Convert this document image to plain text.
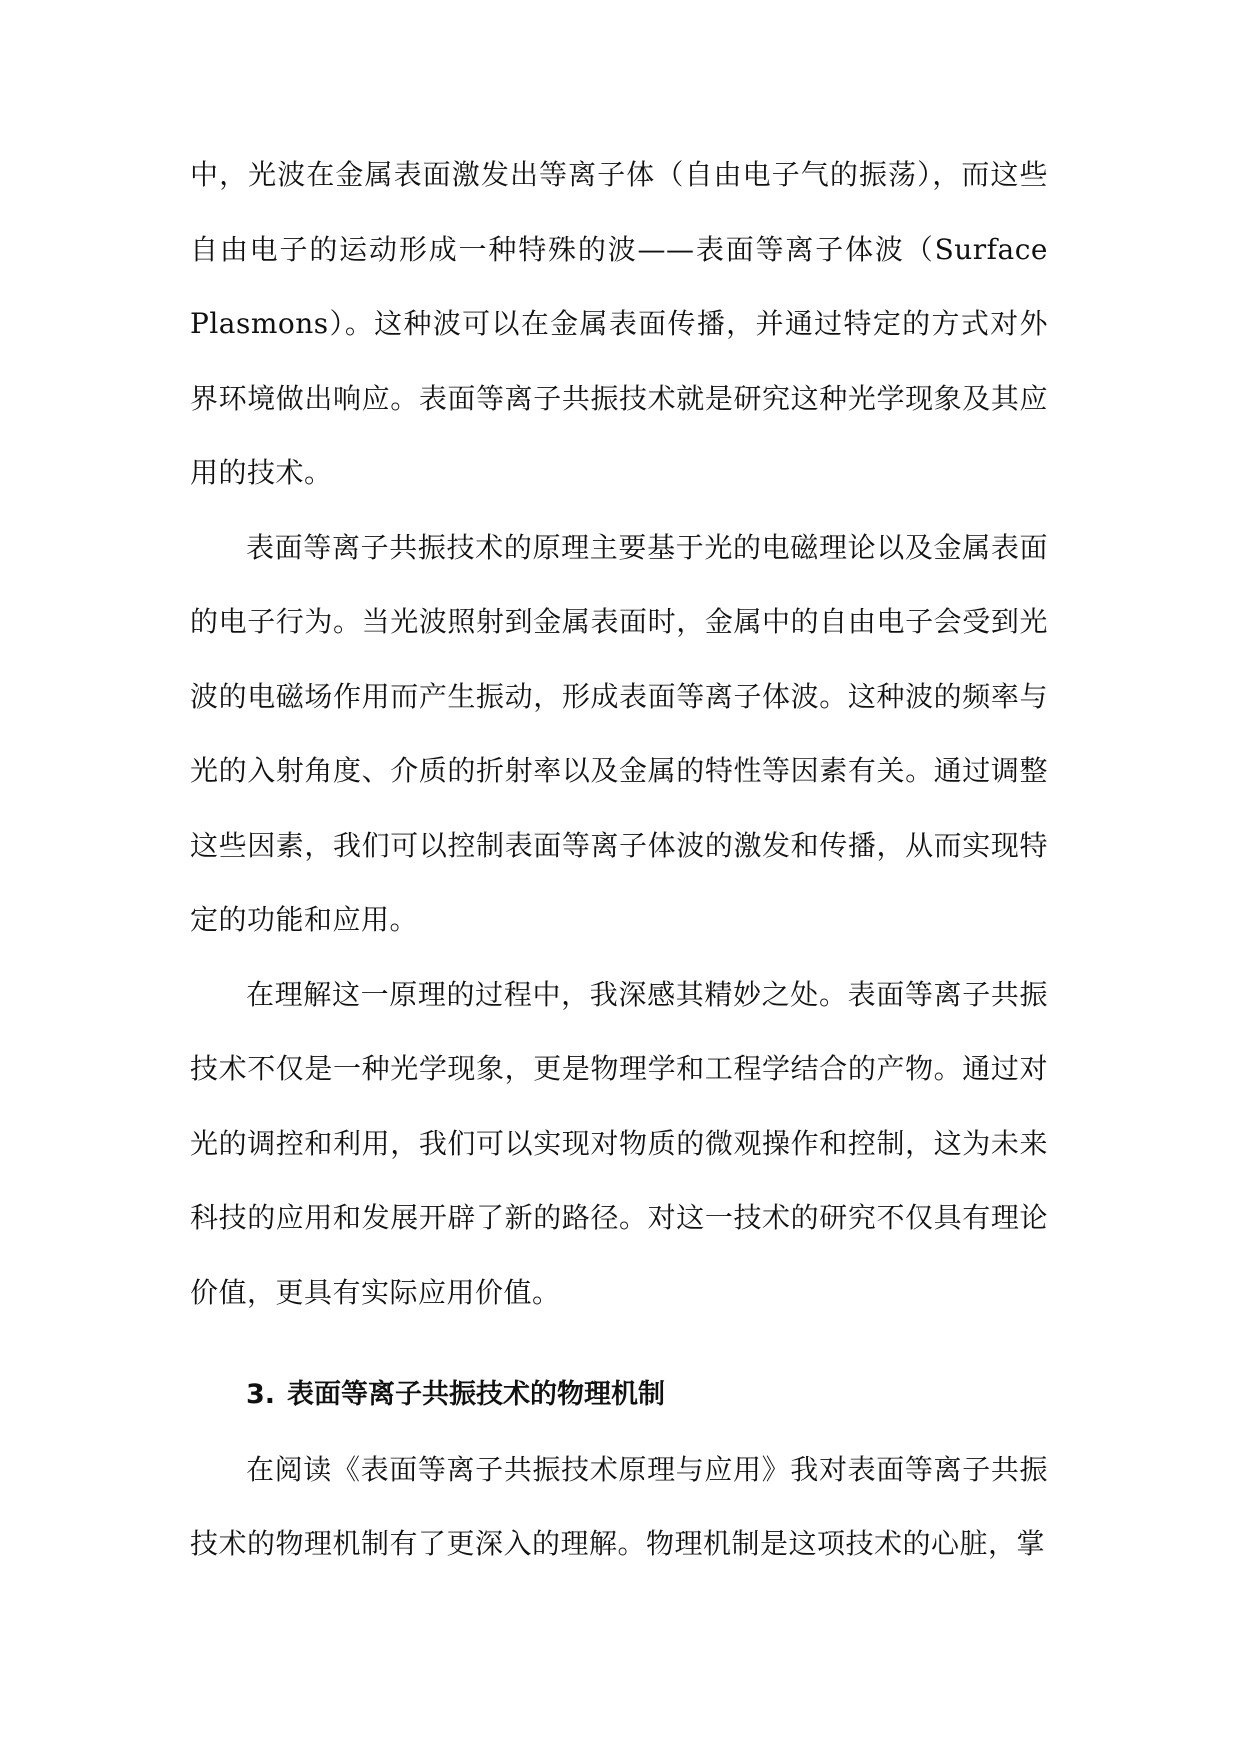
中，光波在金属表面激发出等离子体（自由电子气的振荡），而这些自由电子的运动形成一种特殊的波——表面等离子体波（Surface Plasmons）。这种波可以在金属表面传播，并通过特定的方式对外界环境做出响应。表面等离子共振技术就是研究这种光学现象及其应用的技术。

表面等离子共振技术的原理主要基于光的电磁理论以及金属表面的电子行为。当光波照射到金属表面时，金属中的自由电子会受到光波的电磁场作用而产生振动，形成表面等离子体波。这种波的频率与光的入射角度、介质的折射率以及金属的特性等因素有关。通过调整这些因素，我们可以控制表面等离子体波的激发和传播，从而实现特定的功能和应用。

在理解这一原理的过程中，我深感其精妙之处。表面等离子共振技术不仅是一种光学现象，更是物理学和工程学结合的产物。通过对光的调控和利用，我们可以实现对物质的微观操作和控制，这为未来科技的应用和发展开辟了新的路径。对这一技术的研究不仅具有理论价值，更具有实际应用价值。

3. 表面等离子共振技术的物理机制

在阅读《表面等离子共振技术原理与应用》我对表面等离子共振技术的物理机制有了更深入的理解。物理机制是这项技术的心脏，掌
